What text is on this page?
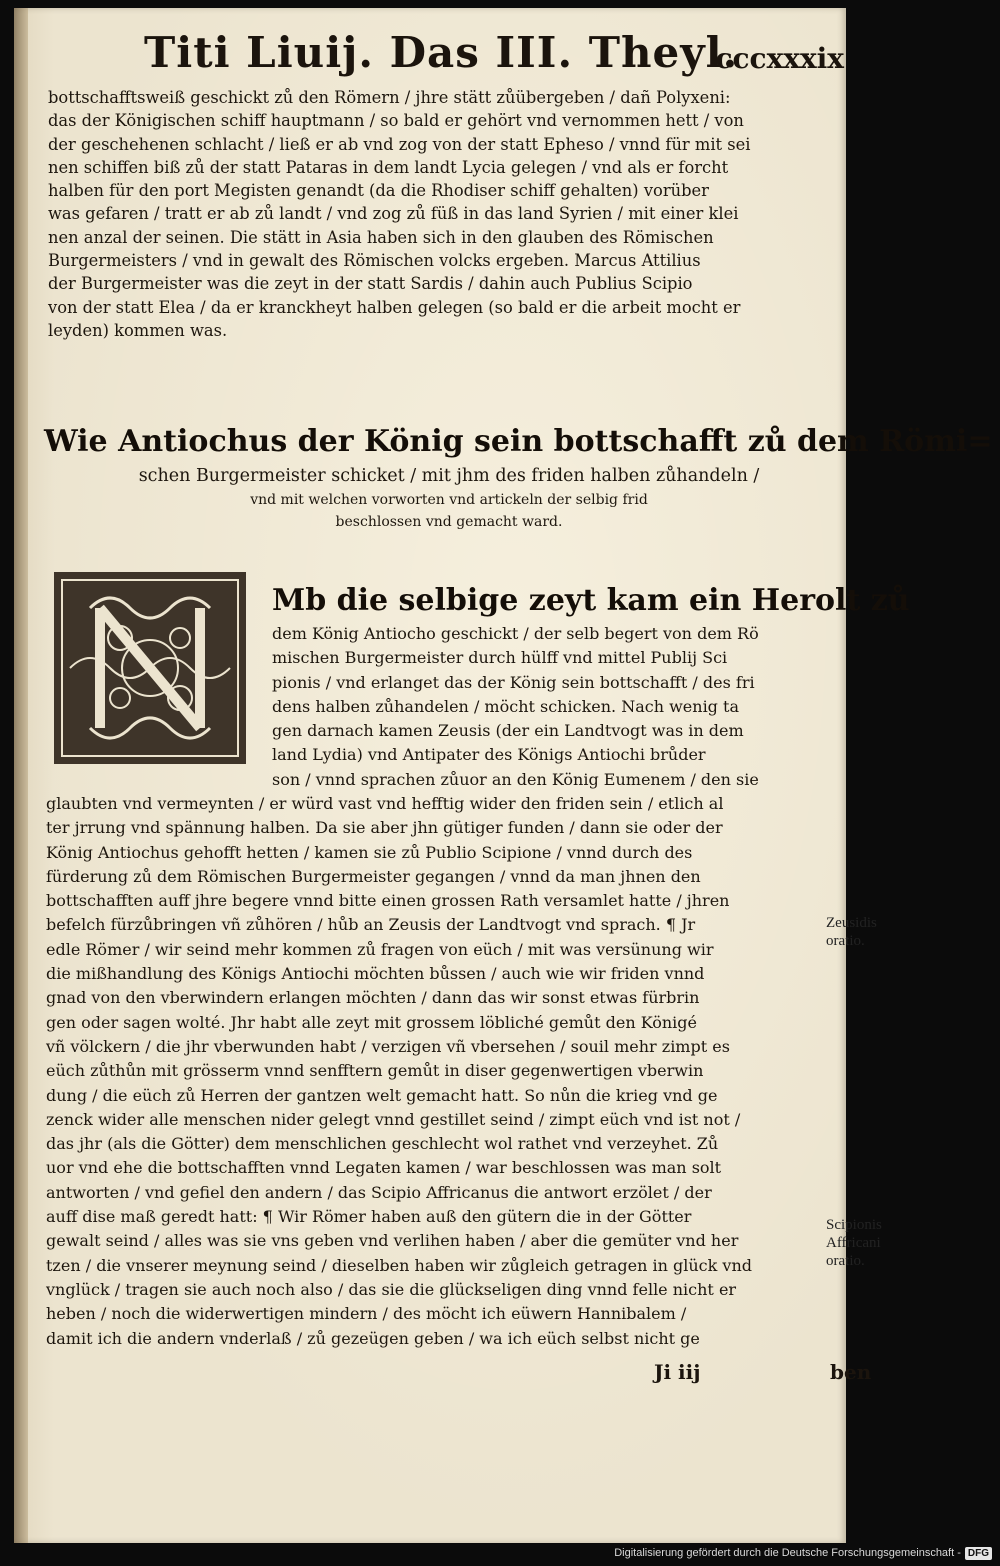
Titi Liuij. Das III. Theyl.
cccxxxix
bottschafftsweiß geschickt zů den Römern / jhre stätt zůübergeben / dañ Polyxeni:
das der Königischen schiff hauptmann / so bald er gehört vnd vernommen hett / von
der geschehenen schlacht / ließ er ab vnd zog von der statt Epheso / vnnd für mit sei
nen schiffen biß zů der statt Pataras in dem landt Lycia gelegen / vnd als er forcht
halben für den port Megisten genandt (da die Rhodiser schiff gehalten) vorüber
was gefaren / tratt er ab zů landt / vnd zog zů füß in das land Syrien / mit einer klei
nen anzal der seinen. Die stätt in Asia haben sich in den glauben des Römischen
Burgermeisters / vnd in gewalt des Römischen volcks ergeben. Marcus Attilius
der Burgermeister was die zeyt in der statt Sardis / dahin auch Publius Scipio
von der statt Elea / da er kranckheyt halben gelegen (so bald er die arbeit mocht er
leyden) kommen was.
Wie Antiochus der König sein bottschafft zů dem Römi=
schen Burgermeister schicket / mit jhm des friden halben zůhandeln /
vnd mit welchen vorworten vnd artickeln der selbig frid
beschlossen vnd gemacht ward.
Mb die selbige zeyt kam ein Herolt zů
dem König Antiocho geschickt / der selb begert von dem Rö
mischen Burgermeister durch hülff vnd mittel Publij Sci
pionis / vnd erlanget das der König sein bottschafft / des fri
dens halben zůhandelen / möcht schicken. Nach wenig ta
gen darnach kamen Zeusis (der ein Landtvogt was in dem
land Lydia) vnd Antipater des Königs Antiochi brůder
son / vnnd sprachen zůuor an den König Eumenem / den sie
glaubten vnd vermeynten / er würd vast vnd hefftig wider den friden sein / etlich al
ter jrrung vnd spännung halben. Da sie aber jhn gütiger funden / dann sie oder der
König Antiochus gehofft hetten / kamen sie zů Publio Scipione / vnnd durch des
fürderung zů dem Römischen Burgermeister gegangen / vnnd da man jhnen den
bottschafften auff jhre begere vnnd bitte einen grossen Rath versamlet hatte / jhren
befelch fürzůbringen vñ zůhören / hůb an Zeusis der Landtvogt vnd sprach. ¶ Jr
edle Römer / wir seind mehr kommen zů fragen von eüch / mit was versünung wir
die mißhandlung des Königs Antiochi möchten bůssen / auch wie wir friden vnnd
gnad von den vberwindern erlangen möchten / dann das wir sonst etwas fürbrin
gen oder sagen wolté. Jhr habt alle zeyt mit grossem löbliché gemůt den Königé
vñ völckern / die jhr vberwunden habt / verzigen vñ vbersehen / souil mehr zimpt es
eüch zůthůn mit grösserm vnnd senfftern gemůt in diser gegenwertigen vberwin
dung / die eüch zů Herren der gantzen welt gemacht hatt. So nůn die krieg vnd ge
zenck wider alle menschen nider gelegt vnnd gestillet seind / zimpt eüch vnd ist not /
das jhr (als die Götter) dem menschlichen geschlecht wol rathet vnd verzeyhet. Zů
uor vnd ehe die bottschafften vnnd Legaten kamen / war beschlossen was man solt
antworten / vnd gefiel den andern / das Scipio Affricanus die antwort erzölet / der
auff dise maß geredt hatt: ¶ Wir Römer haben auß den gütern die in der Götter
gewalt seind / alles was sie vns geben vnd verlihen haben / aber die gemüter vnd her
tzen / die vnserer meynung seind / dieselben haben wir zůgleich getragen in glück vnd
vnglück / tragen sie auch noch also / das sie die glückseligen ding vnnd felle nicht er
heben / noch die widerwertigen mindern / des möcht ich eüwern Hannibalem /
damit ich die andern vnderlaß / zů gezeügen geben / wa ich eüch selbst nicht ge
Ji iij	ben
Zeusidis
oratio.
Scipionis
Affricani
oratio.
Digitalisierung gefördert durch die Deutsche Forschungsgemeinschaft - DFG
